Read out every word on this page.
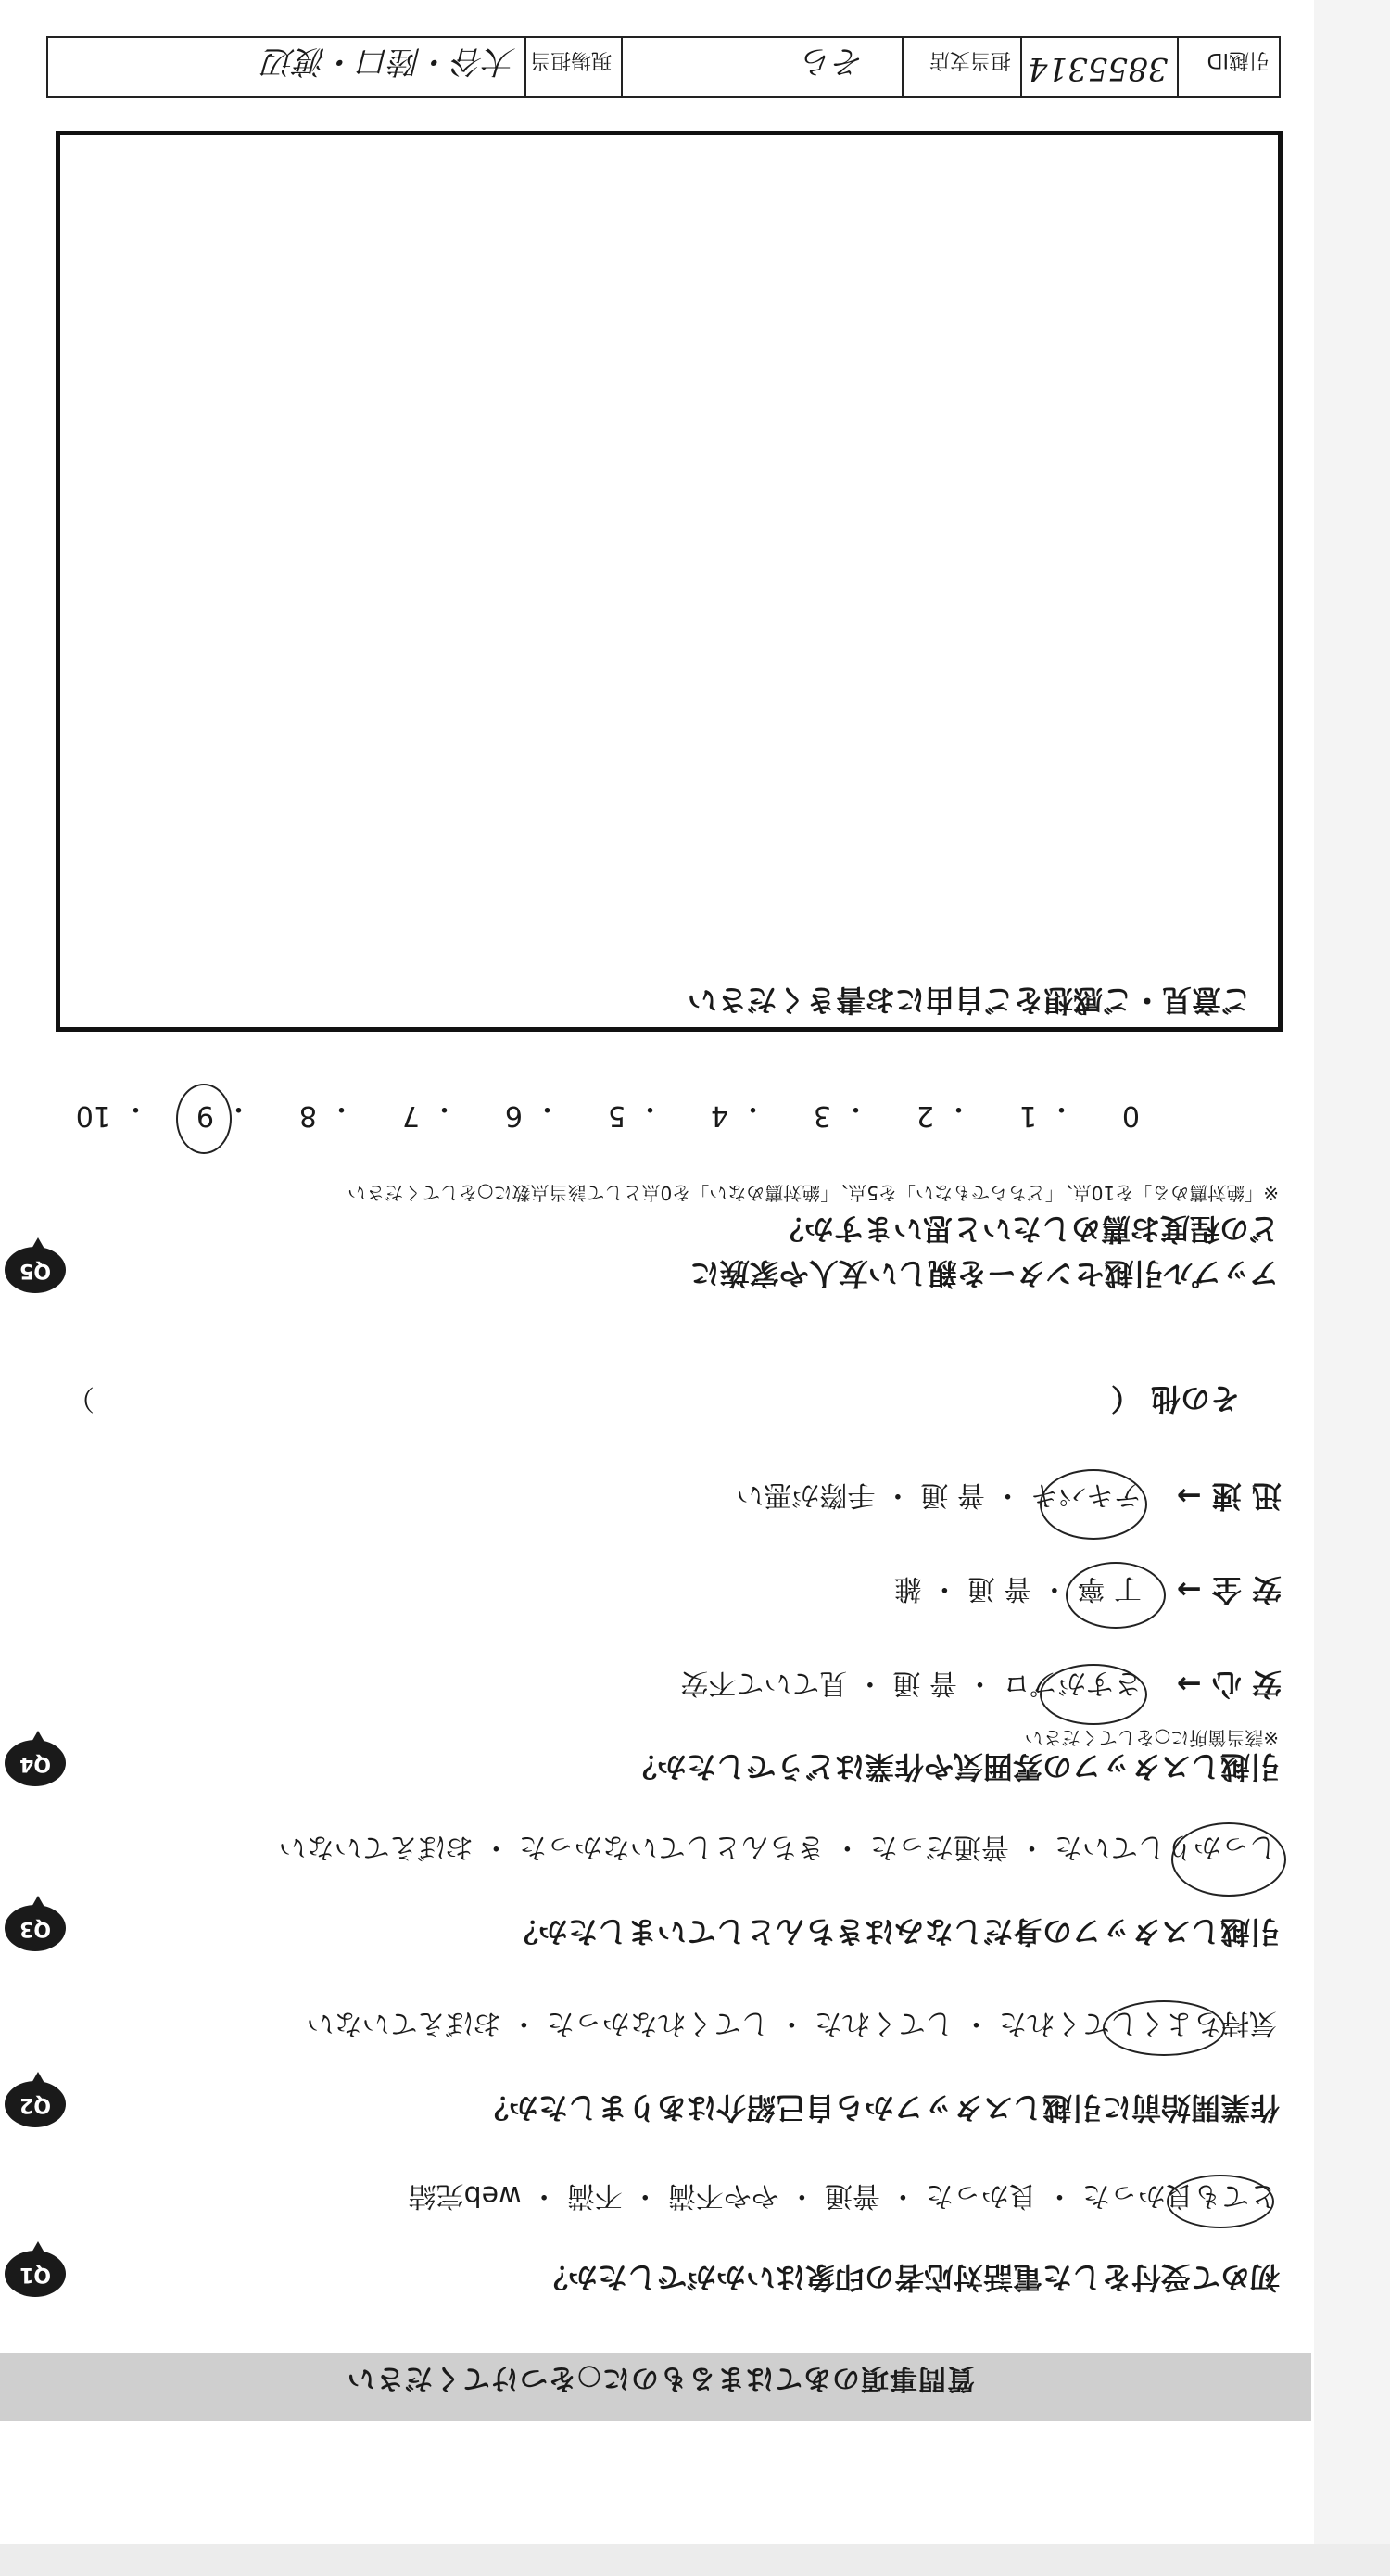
引越ID
3855314
担当支店
そら
現場担当
大谷・陸口・渡辺
ご意見・ご感想をご自由にお書きください
質問事項のあてはまるものに○をつけてください
Q1	初めて受付をした電話対応者の印象はいかがでしたか？
とても良かった ・ 良かった ・ 普通 ・ やや不満 ・ 不満 ・ web完結
Q2	作業開始前に引越しスタッフから自己紹介はありましたか？
気持ちよくしてくれた ・ してくれた ・ してくれなかった ・ おぼえていない
Q3	引越しスタッフの身だしなみはきちんとしていましたか？
しっかりしていた ・ 普通だった ・ きちんとしていなかった ・ おぼえていない
Q4	引越しスタッフの雰囲気や作業はどうでしたか？
※該当箇所に○をしてください
安 心 →
さすがプロ ・ 普 通 ・ 見ていて不安
安 全 →
丁 寧 ・ 普 通 ・ 雑
迅 速 →
テキパキ ・ 普 通 ・ 手際が悪い
その他 （
）
Q5	アップル引越センターを親しい友人や家族に
どの程度お薦めしたいと思いますか？
※「絶対薦める」を10点、「どちらでもない」を5点、「絶対薦めない」を0点として該当点数に○をしてください
10 ・ 9 ・ 8 ・ 7 ・ 6 ・ 5 ・ 4 ・ 3 ・ 2 ・ 1 ・ 0
